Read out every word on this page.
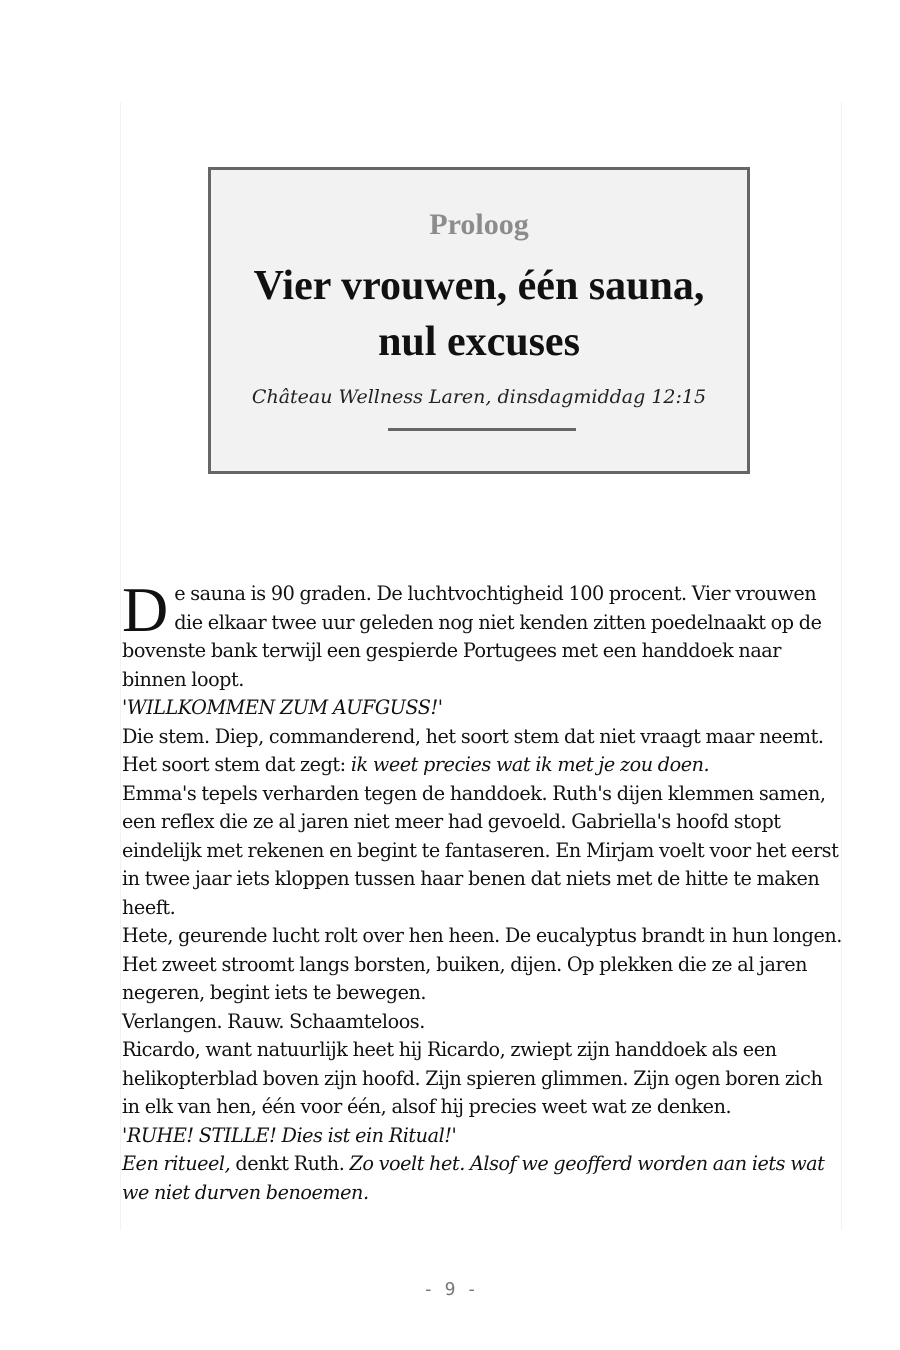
Proloog
Vier vrouwen, één sauna, nul excuses
Château Wellness Laren, dinsdagmiddag 12:15

De sauna is 90 graden. De luchtvochtigheid 100 procent. Vier vrouwen die elkaar twee uur geleden nog niet kenden zitten poedelnaakt op de bovenste bank terwijl een gespierde Portugees met een handdoek naar binnen loopt.

'WILLKOMMEN ZUM AUFGUSS!'

Die stem. Diep, commanderend, het soort stem dat niet vraagt maar neemt. Het soort stem dat zegt: ik weet precies wat ik met je zou doen.

Emma's tepels verharden tegen de handdoek. Ruth's dijen klemmen samen, een reflex die ze al jaren niet meer had gevoeld. Gabriella's hoofd stopt eindelijk met rekenen en begint te fantaseren. En Mirjam voelt voor het eerst in twee jaar iets kloppen tussen haar benen dat niets met de hitte te maken heeft.

Hete, geurende lucht rolt over hen heen. De eucalyptus brandt in hun longen. Het zweet stroomt langs borsten, buiken, dijen. Op plekken die ze al jaren negeren, begint iets te bewegen.

Verlangen. Rauw. Schaamteloos.

Ricardo, want natuurlijk heet hij Ricardo, zwiept zijn handdoek als een helikopterblad boven zijn hoofd. Zijn spieren glimmen. Zijn ogen boren zich in elk van hen, één voor één, alsof hij precies weet wat ze denken.

'RUHE! STILLE! Dies ist ein Ritual!'

Een ritueel, denkt Ruth. Zo voelt het. Alsof we geofferd worden aan iets wat we niet durven benoemen.

- 9 -
